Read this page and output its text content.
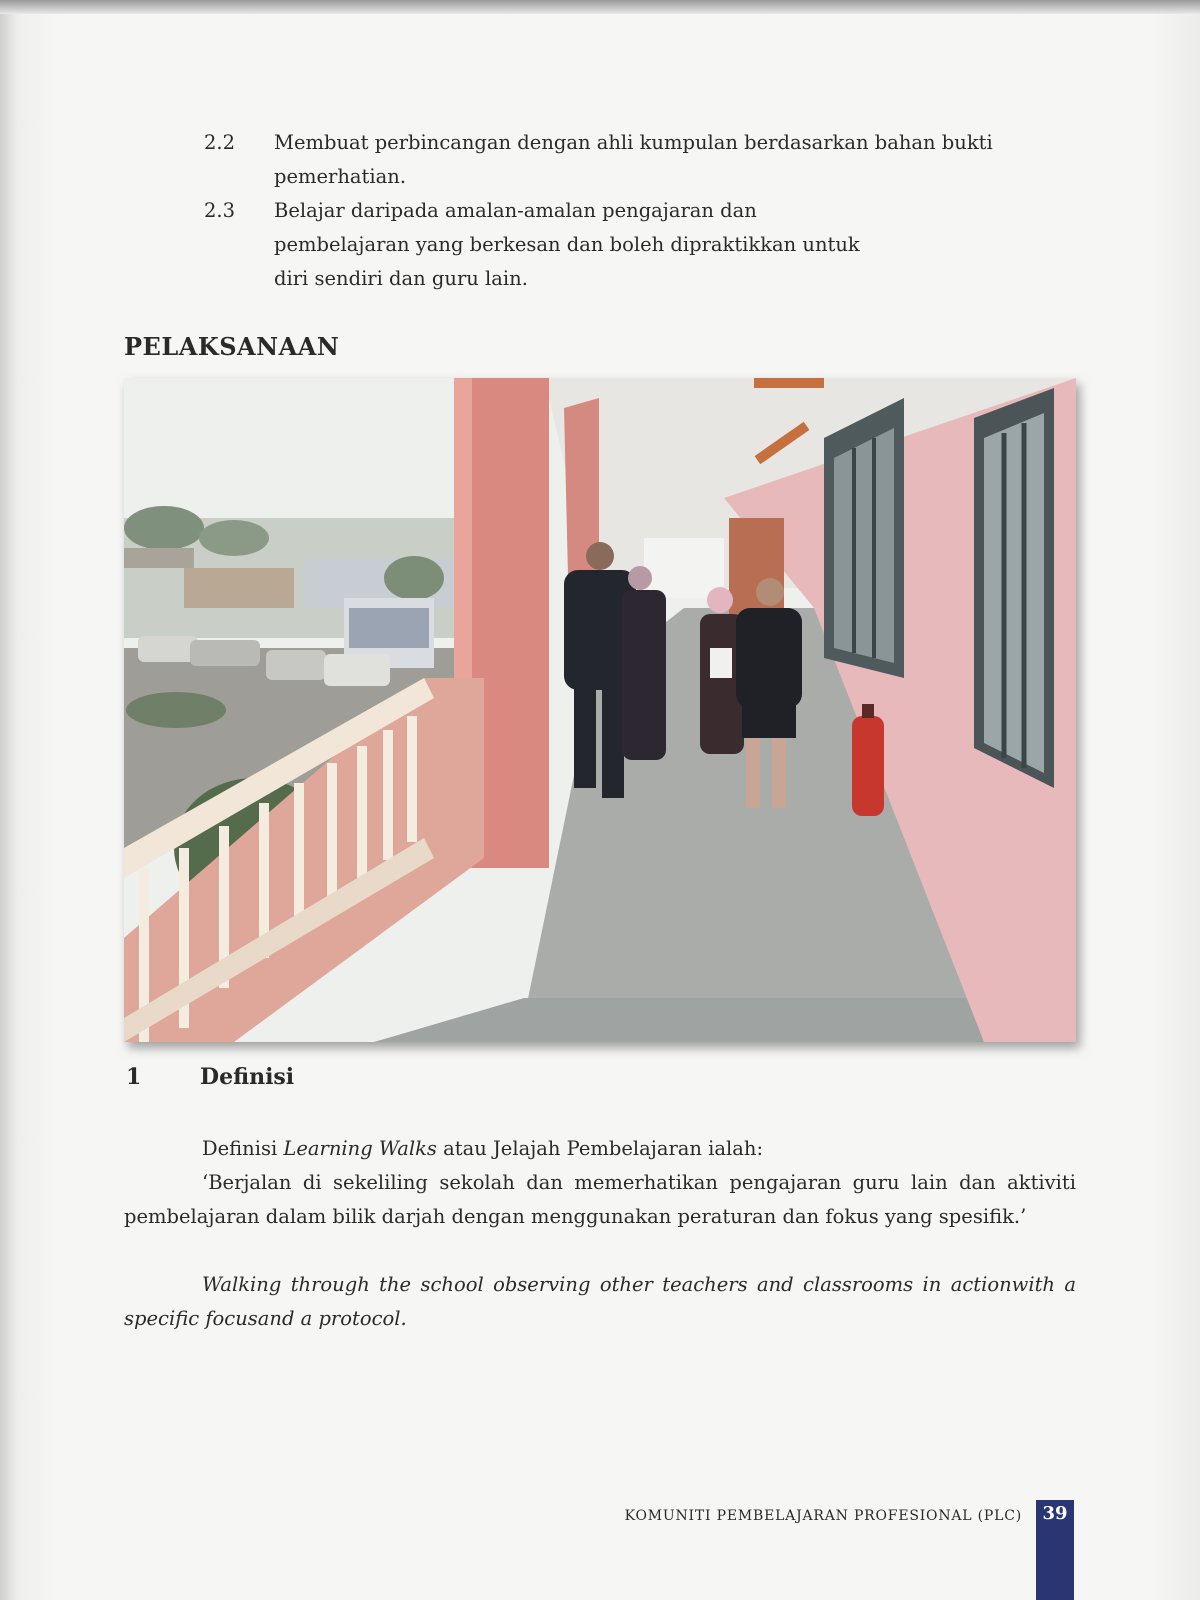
2.2	Membuat perbincangan dengan ahli kumpulan berdasarkan bahan bukti pemerhatian.
2.3	Belajar daripada amalan-amalan pengajaran dan pembelajaran yang berkesan dan boleh dipraktikkan untuk diri sendiri dan guru lain.
PELAKSANAAN
1	Definisi
Definisi Learning Walks atau Jelajah Pembelajaran ialah:
‘Berjalan di sekeliling sekolah dan memerhatikan pengajaran guru lain dan aktiviti pembelajaran dalam bilik darjah dengan menggunakan peraturan dan fokus yang spesifik.’
Walking through the school observing other teachers and classrooms in actionwith a specific focusand a protocol.
KOMUNITI PEMBELAJARAN PROFESIONAL (PLC)	39
